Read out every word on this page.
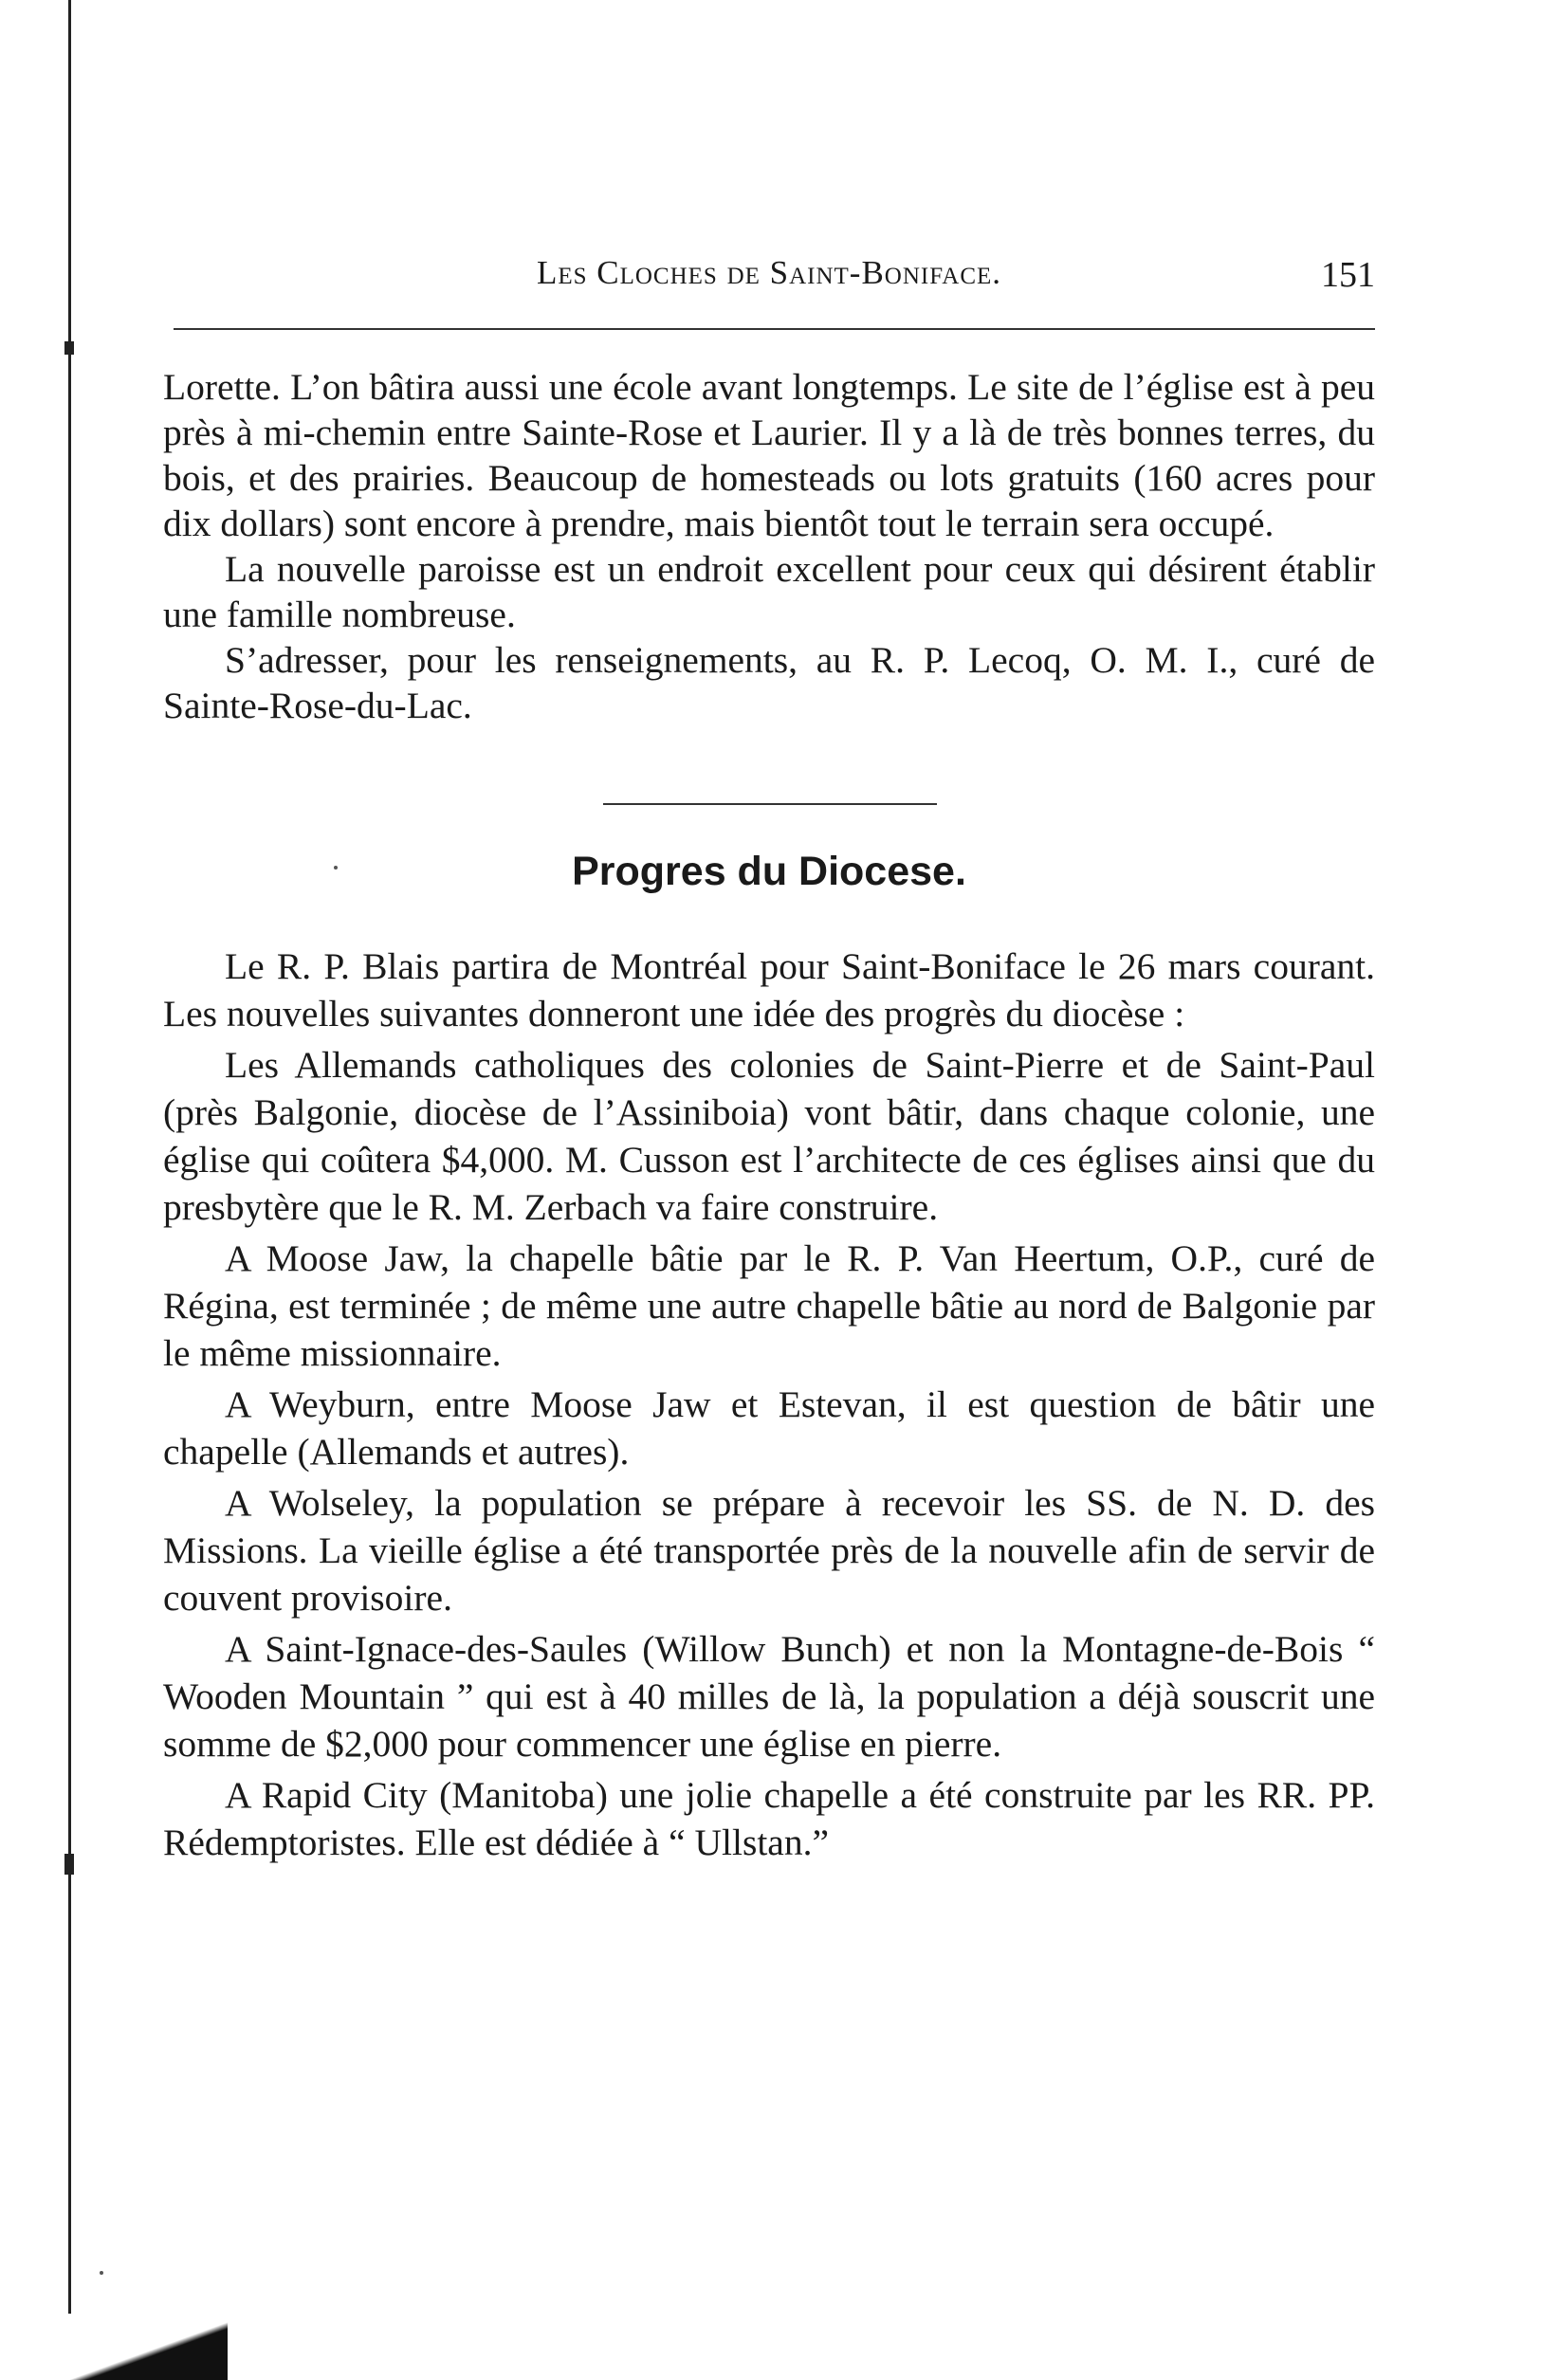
Les Cloches de Saint-Boniface.	151

Lorette. L’on bâtira aussi une école avant longtemps. Le site de l’église est à peu près à mi-chemin entre Sainte-Rose et Laurier. Il y a là de très bonnes terres, du bois, et des prairies. Beaucoup de homesteads ou lots gratuits (160 acres pour dix dollars) sont encore à prendre, mais bientôt tout le terrain sera occupé.

La nouvelle paroisse est un endroit excellent pour ceux qui désirent établir une famille nombreuse.

S’adresser, pour les renseignements, au R. P. Lecoq, O. M. I., curé de Sainte-Rose-du-Lac.

Progres du Diocese.

Le R. P. Blais partira de Montréal pour Saint-Boniface le 26 mars courant. Les nouvelles suivantes donneront une idée des progrès du diocèse :

Les Allemands catholiques des colonies de Saint-Pierre et de Saint-Paul (près Balgonie, diocèse de l’Assiniboia) vont bâtir, dans chaque colonie, une église qui coûtera $4,000. M. Cusson est l’architecte de ces églises ainsi que du presbytère que le R. M. Zerbach va faire construire.

A Moose Jaw, la chapelle bâtie par le R. P. Van Heertum, O.P., curé de Régina, est terminée ; de même une autre chapelle bâtie au nord de Balgonie par le même missionnaire.

A Weyburn, entre Moose Jaw et Estevan, il est question de bâtir une chapelle (Allemands et autres).

A Wolseley, la population se prépare à recevoir les SS. de N. D. des Missions. La vieille église a été transportée près de la nouvelle afin de servir de couvent provisoire.

A Saint-Ignace-des-Saules (Willow Bunch) et non la Montagne-de-Bois “ Wooden Mountain ” qui est à 40 milles de là, la population a déjà souscrit une somme de $2,000 pour commencer une église en pierre.

A Rapid City (Manitoba) une jolie chapelle a été construite par les RR. PP. Rédemptoristes. Elle est dédiée à “ Ullstan.”
